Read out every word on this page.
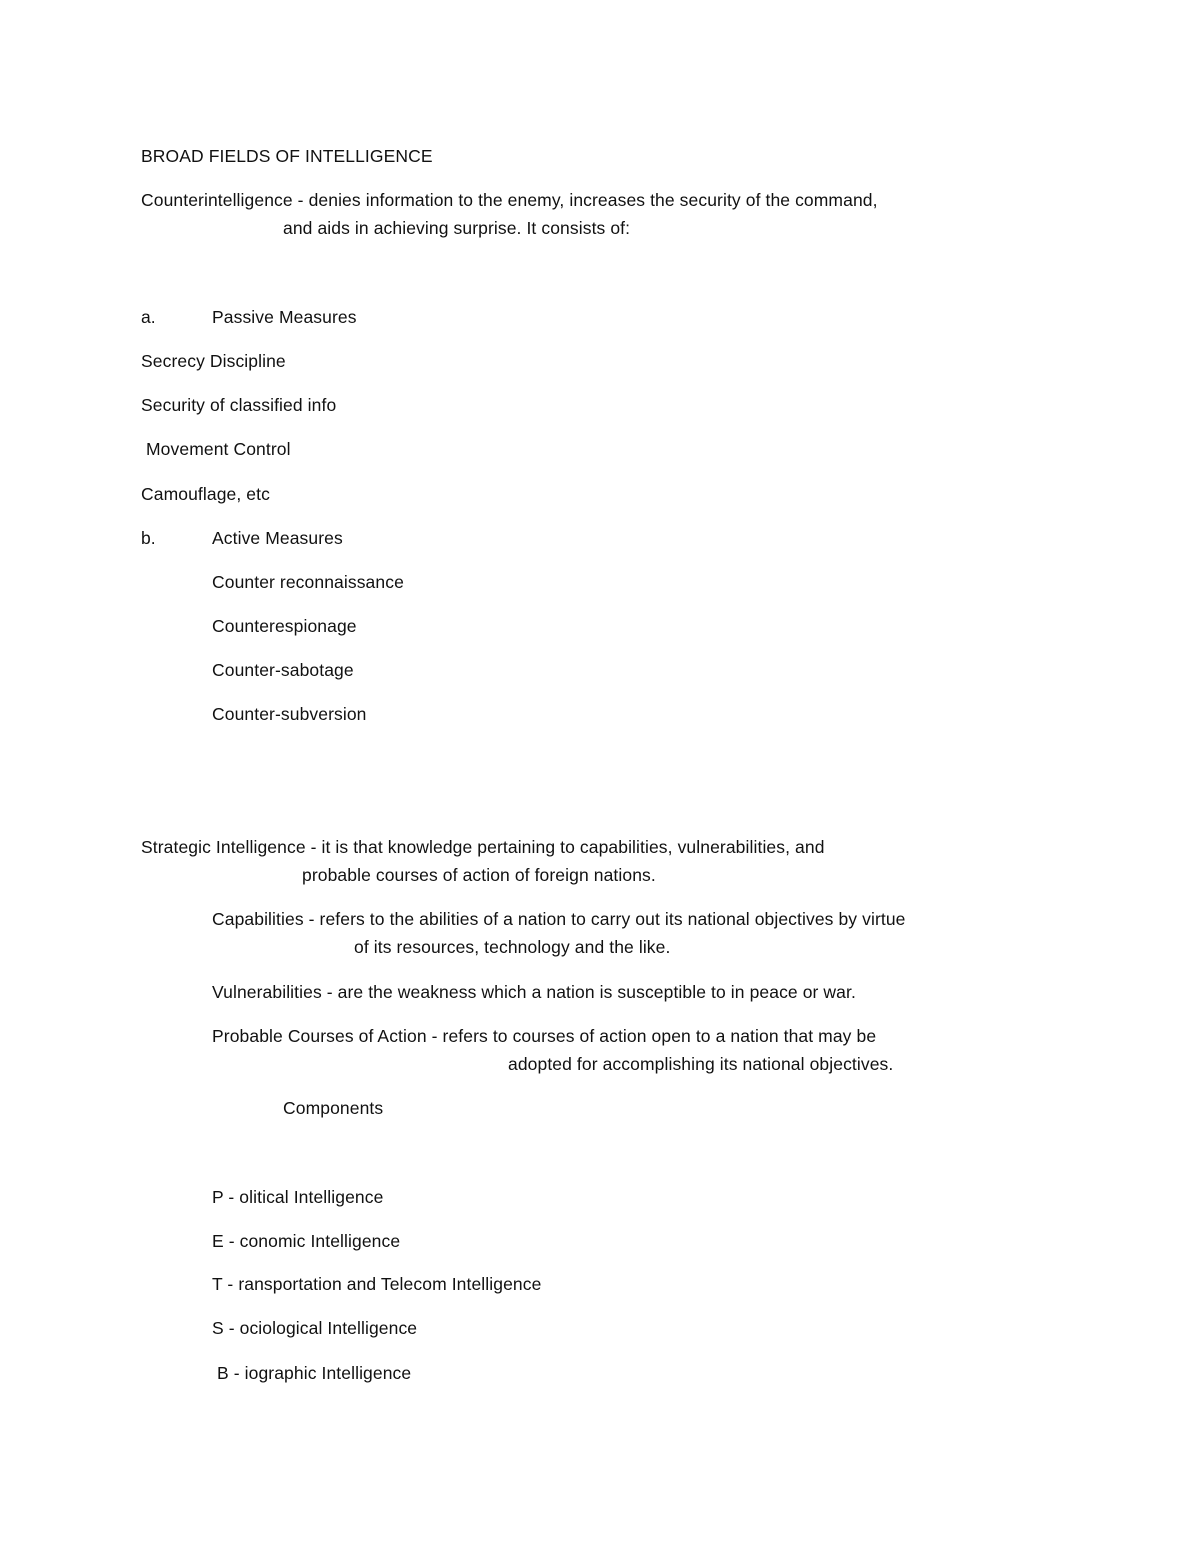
BROAD FIELDS OF INTELLIGENCE
Counterintelligence - denies information to the enemy, increases the security of the command,
and aids in achieving surprise. It consists of:
a.	Passive Measures
Secrecy Discipline
Security of classified info
Movement Control
Camouflage, etc
b.	Active Measures
Counter reconnaissance
Counterespionage
Counter-sabotage
Counter-subversion
Strategic Intelligence - it is that knowledge pertaining to capabilities, vulnerabilities, and
probable courses of action of foreign nations.
Capabilities - refers to the abilities of a nation to carry out its national objectives by virtue
of its resources, technology and the like.
Vulnerabilities - are the weakness which a nation is susceptible to in peace or war.
Probable Courses of Action - refers to courses of action open to a nation that may be
adopted for accomplishing its national objectives.
Components
P - olitical Intelligence
E - conomic Intelligence
T - ransportation and Telecom Intelligence
S - ociological Intelligence
B - iographic Intelligence
